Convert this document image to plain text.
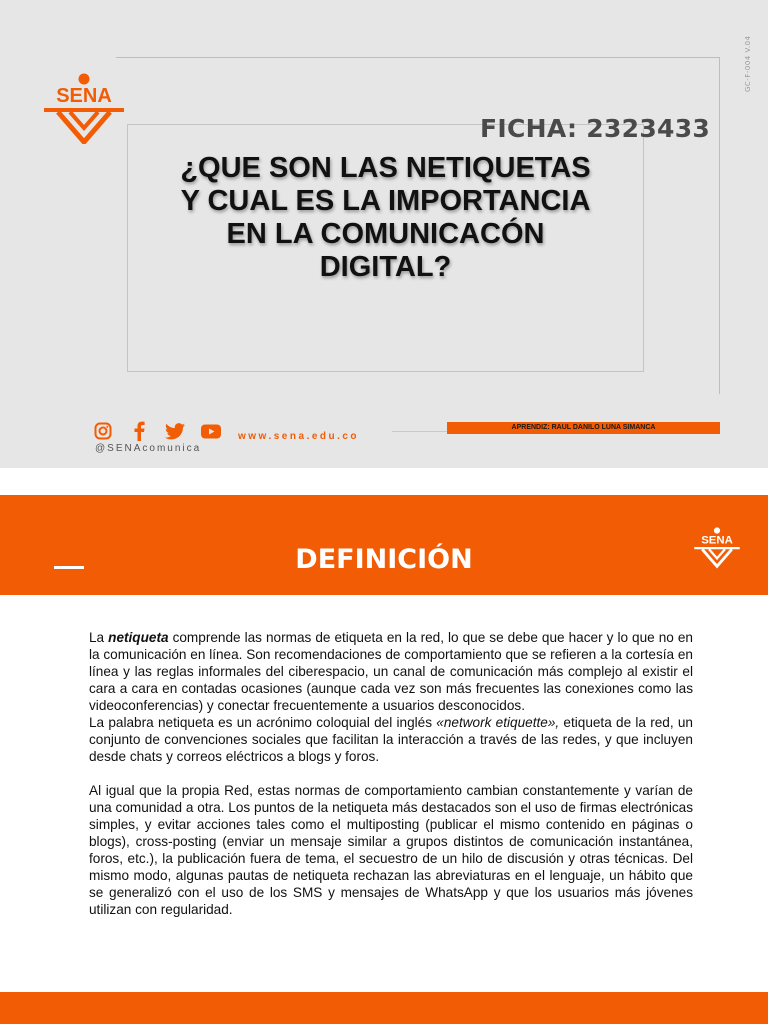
GC-F-004 V.04
SENA
FICHA: 2323433
¿QUE SON LAS NETIQUETAS
Y CUAL ES LA IMPORTANCIA
EN LA COMUNICACÓN
DIGITAL?
@SENAcomunica
www.sena.edu.co
APRENDIZ: RAUL DANILO LUNA SIMANCA
DEFINICIÓN
SENA

La netiqueta comprende las normas de etiqueta en la red, lo que se debe que hacer y lo que no en la comunicación en línea. Son recomendaciones de comportamiento que se refieren a la cortesía en línea y las reglas informales del ciberespacio, un canal de comunicación más complejo al existir el cara a cara en contadas ocasiones (aunque cada vez son más frecuentes las conexiones como las videoconferencias) y conectar frecuentemente a usuarios desconocidos.

La palabra netiqueta es un acrónimo coloquial del inglés «network etiquette», etiqueta de la red, un conjunto de convenciones sociales que facilitan la interacción a través de las redes, y que incluyen desde chats y correos eléctricos a blogs y foros.

Al igual que la propia Red, estas normas de comportamiento cambian constantemente y varían de una comunidad a otra. Los puntos de la netiqueta más destacados son el uso de firmas electrónicas simples, y evitar acciones tales como el multiposting (publicar el mismo contenido en páginas o blogs), cross-posting (enviar un mensaje similar a grupos distintos de comunicación instantánea, foros, etc.), la publicación fuera de tema, el secuestro de un hilo de discusión y otras técnicas. Del mismo modo, algunas pautas de netiqueta rechazan las abreviaturas en el lenguaje, un hábito que se generalizó con el uso de los SMS y mensajes de WhatsApp y que los usuarios más jóvenes utilizan con regularidad.
